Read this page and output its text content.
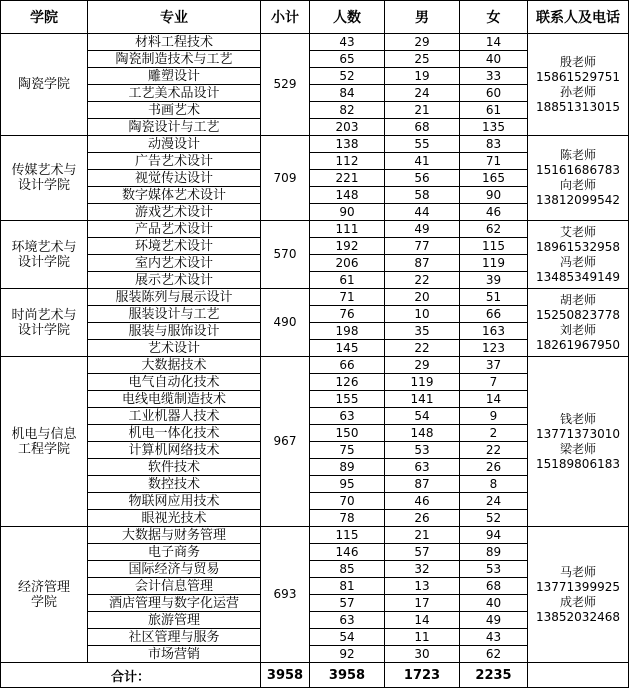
学院	专业	小计	人数	男	女	联系人及电话

陶瓷学院	材料工程技术	529	43	29	14	殷老师
15861529751
孙老师
18851313015

	陶瓷制造技术与工艺		65	25	40	
	雕塑设计		52	19	33	
	工艺美术品设计		84	24	60	
	书画艺术		82	21	61	
	陶瓷设计与工艺		203	68	135	

传媒艺术与
设计学院	动漫设计	709	138	55	83	陈老师
15161686783
向老师
13812099542

	广告艺术设计		112	41	71	
	视觉传达设计		221	56	165	
	数字媒体艺术设计		148	58	90	
	游戏艺术设计		90	44	46	

环境艺术与
设计学院	产品艺术设计	570	111	49	62	艾老师
18961532958
冯老师
13485349149

	环境艺术设计		192	77	115	
	室内艺术设计		206	87	119	
	展示艺术设计		61	22	39	

时尚艺术与
设计学院	服装陈列与展示设计	490	71	20	51	胡老师
15250823778
刘老师
18261967950

	服装设计与工艺		76	10	66	
	服装与服饰设计		198	35	163	
	艺术设计		145	22	123	

机电与信息
工程学院	大数据技术	967	66	29	37	钱老师
13771373010
梁老师
15189806183

	电气自动化技术		126	119	7	
	电线电缆制造技术		155	141	14	
	工业机器人技术		63	54	9	
	机电一体化技术		150	148	2	
	计算机网络技术		75	53	22	
	软件技术		89	63	26	
	数控技术		95	87	8	
	物联网应用技术		70	46	24	
	眼视光技术		78	26	52	

经济管理
学院	大数据与财务管理	693	115	21	94	马老师
13771399925
成老师
13852032468

	电子商务		146	57	89	
	国际经济与贸易		85	32	53	
	会计信息管理		81	13	68	
	酒店管理与数字化运营		57	17	40	
	旅游管理		63	14	49	
	社区管理与服务		54	11	43	
	市场营销		92	30	62	
合计：		3958	3958	1723	2235	
